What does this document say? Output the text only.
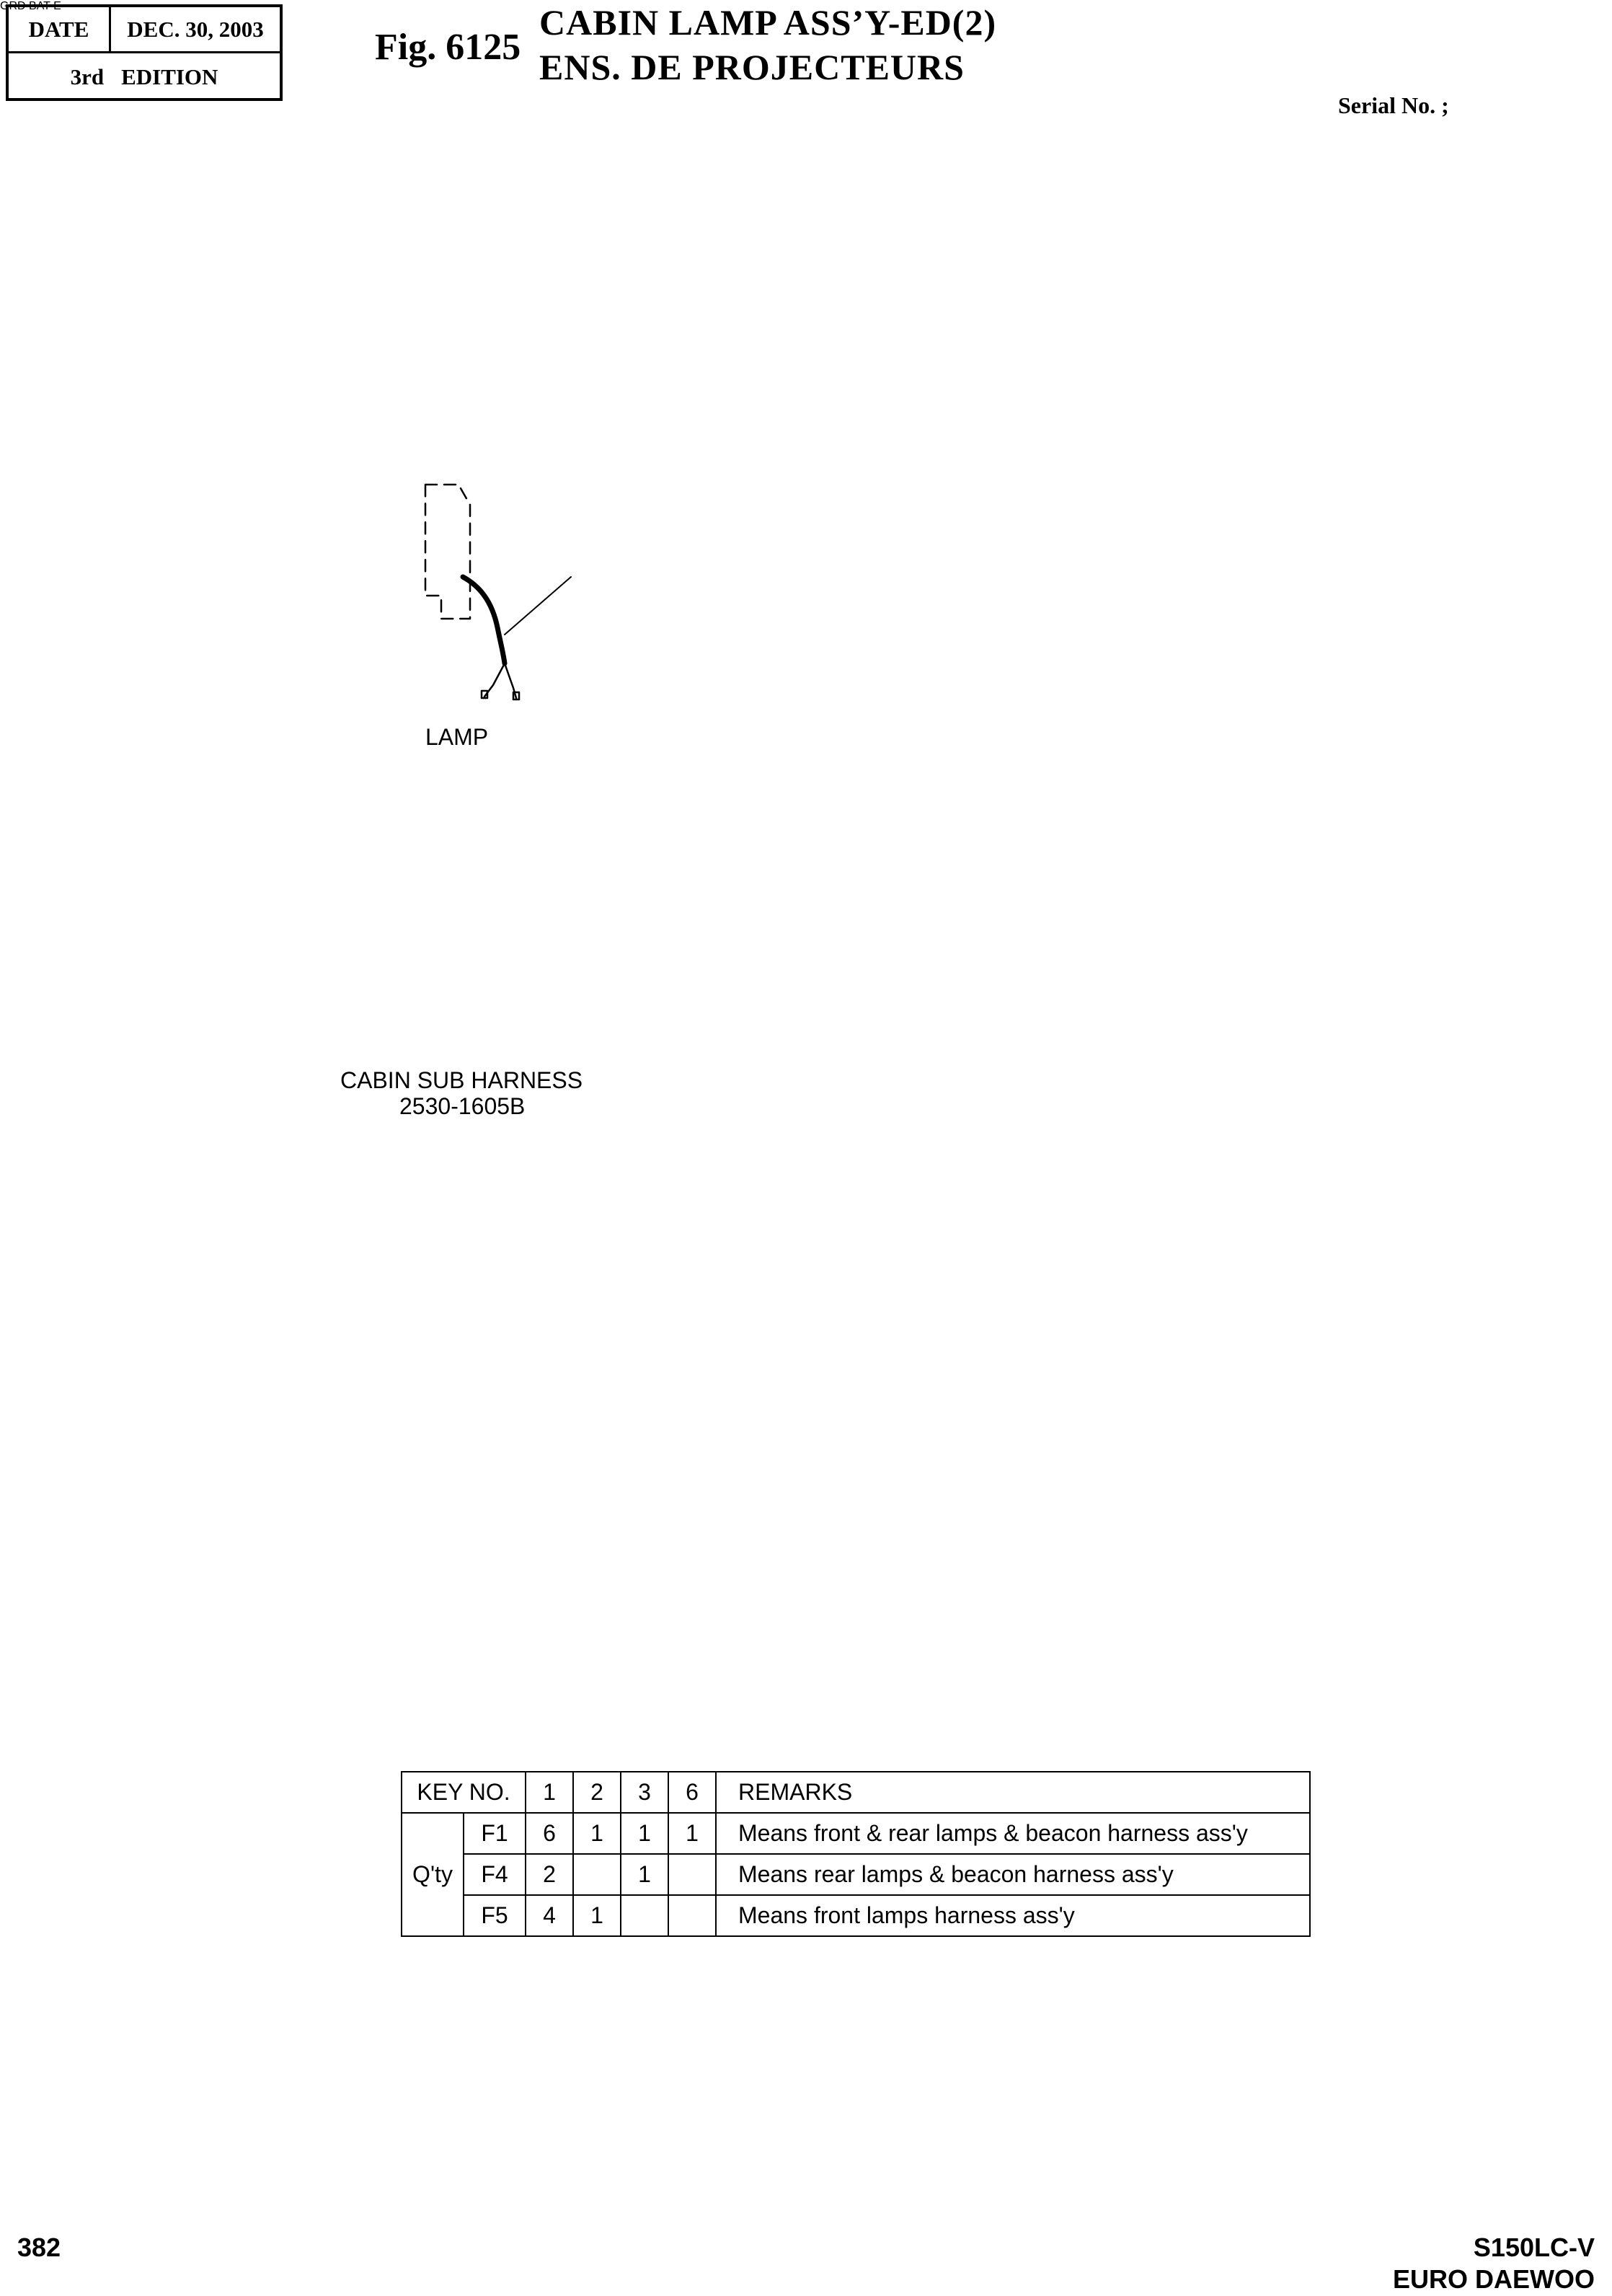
DATE	DEC. 30, 2003
3rd EDITION
Fig. 6125
CABIN LAMP ASS’Y-ED(2)
ENS. DE PROJECTEURS
Serial No. ;
GRD BAT E
LAMP
CABIN SUB HARNESS
2530-1605B
KEY NO.		1	2	3	6	REMARKS
Q'ty	F1	6	1	1	1	Means front & rear lamps & beacon harness ass'y
	F4	2		1		Means rear lamps & beacon harness ass'y
	F5	4	1			Means front lamps harness ass'y
382	S150LC-V
EURO DAEWOO
